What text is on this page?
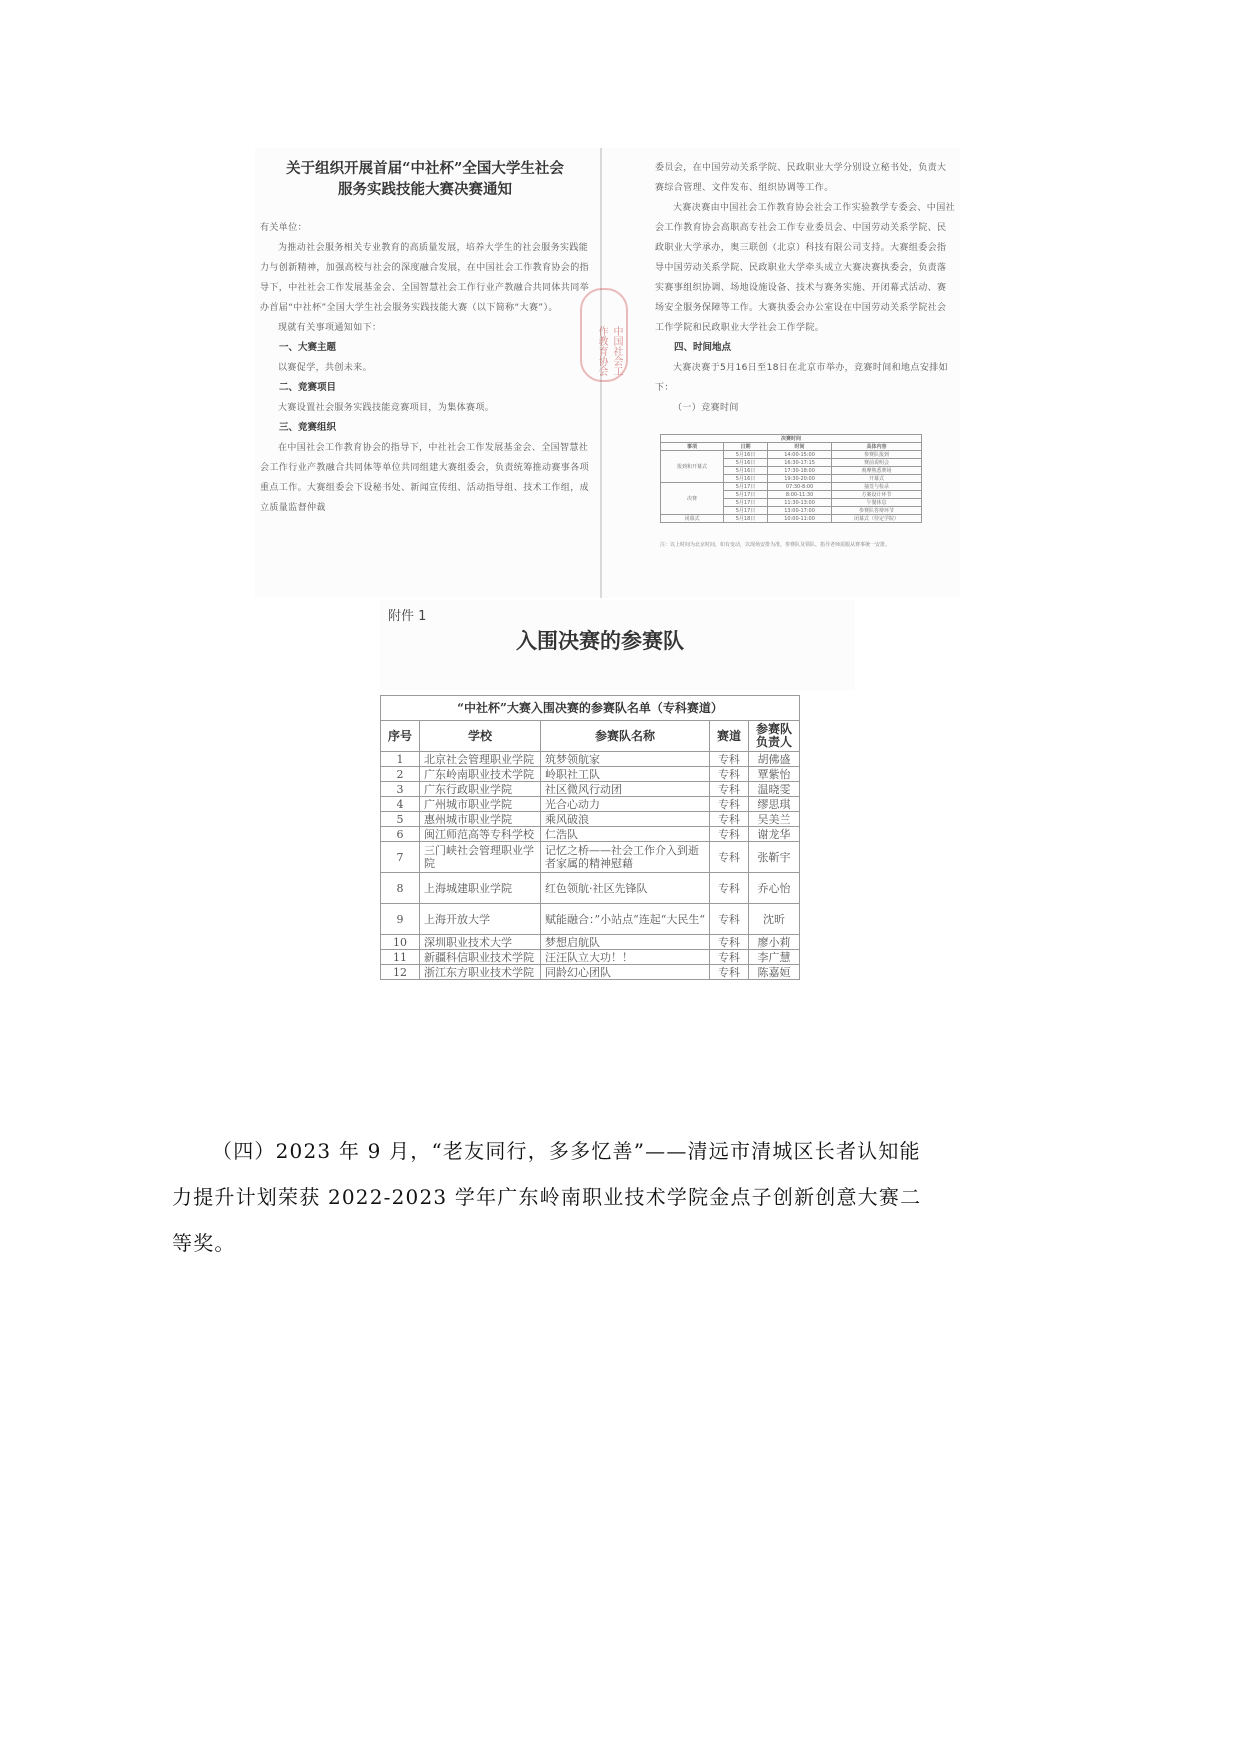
关于组织开展首届“中社杯”全国大学生社会
服务实践技能大赛决赛通知

有关单位：

为推动社会服务相关专业教育的高质量发展，培养大学生的社会服务实践能力与创新精神，加强高校与社会的深度融合发展，在中国社会工作教育协会的指导下，中社社会工作发展基金会、全国智慧社会工作行业产教融合共同体共同举办首届“中社杯”全国大学生社会服务实践技能大赛（以下简称“大赛”）。

现就有关事项通知如下：

一、大赛主题

以赛促学，共创未来。

二、竞赛项目

大赛设置社会服务实践技能竞赛项目，为集体赛项。

三、竞赛组织

在中国社会工作教育协会的指导下，中社社会工作发展基金会、全国智慧社会工作行业产教融合共同体等单位共同组建大赛组委会，负责统筹推动赛事各项重点工作。大赛组委会下设秘书处、新闻宣传组、活动指导组、技术工作组，成立质量监督仲裁

中国社会工作教育协会

委员会，在中国劳动关系学院、民政职业大学分别设立秘书处，负责大赛综合管理、文件发布、组织协调等工作。

大赛决赛由中国社会工作教育协会社会工作实验教学专委会、中国社会工作教育协会高职高专社会工作专业委员会、中国劳动关系学院、民政职业大学承办，奥三联创（北京）科技有限公司支持。大赛组委会指导中国劳动关系学院、民政职业大学牵头成立大赛决赛执委会，负责落实赛事组织协调、场地设施设备、技术与赛务实施、开闭幕式活动、赛场安全服务保障等工作。大赛执委会办公室设在中国劳动关系学院社会工作学院和民政职业大学社会工作学院。

四、时间地点

大赛决赛于5月16日至18日在北京市举办，竞赛时间和地点安排如下：

（一）竞赛时间

决赛时间			
事项	日期	时间	具体内容
报到和开幕式	5月16日	14:00-15:00	参赛队报到
	5月16日	16:30-17:15	赛前说明会
	5月16日	17:30-18:00	观摩熟悉赛场
	5月16日	19:30-20:00	开幕式
决赛	5月17日	07:30-8:00	抽签与检录
	5月17日	8:00-11:30	方案设计环节
	5月17日	11:30-13:00	午餐休息
	5月17日	13:00-17:00	参赛队答辩环节
闭幕式	5月18日	10:00-11:00	闭幕式（待定学院）
注：以上时间为北京时间，如有变动，以现场安排为准。参赛队及领队、指导老师需服从赛事统一安排。
附件 1
入围决赛的参赛队
“中社杯”大赛入围决赛的参赛队名单（专科赛道）				
序号	学校	参赛队名称	赛道	参赛队负责人
1	北京社会管理职业学院	筑梦领航家	专科	胡佛盛
2	广东岭南职业技术学院	岭职社工队	专科	覃紫怡
3	广东行政职业学院	社区微风行动团	专科	温晓雯
4	广州城市职业学院	光合心动力	专科	缪思琪
5	惠州城市职业学院	乘风破浪	专科	吴美兰
6	闽江师范高等专科学校	仁浩队	专科	谢龙华
7	三门峡社会管理职业学院	记忆之桥——社会工作介入到逝者家属的精神慰藉	专科	张靳宇
8	上海城建职业学院	红色领航·社区先锋队	专科	乔心怡
9	上海开放大学	赋能融合：”小站点“连起“大民生“	专科	沈昕
10	深圳职业技术大学	梦想启航队	专科	廖小莉
11	新疆科信职业技术学院	汪汪队立大功！！	专科	李广慧
12	浙江东方职业技术学院	同龄幻心团队	专科	陈嘉姮

（四）2023 年 9 月，“老友同行，多多忆善”——清远市清城区长者认知能力提升计划荣获 2022-2023 学年广东岭南职业技术学院金点子创新创意大赛二等奖。
